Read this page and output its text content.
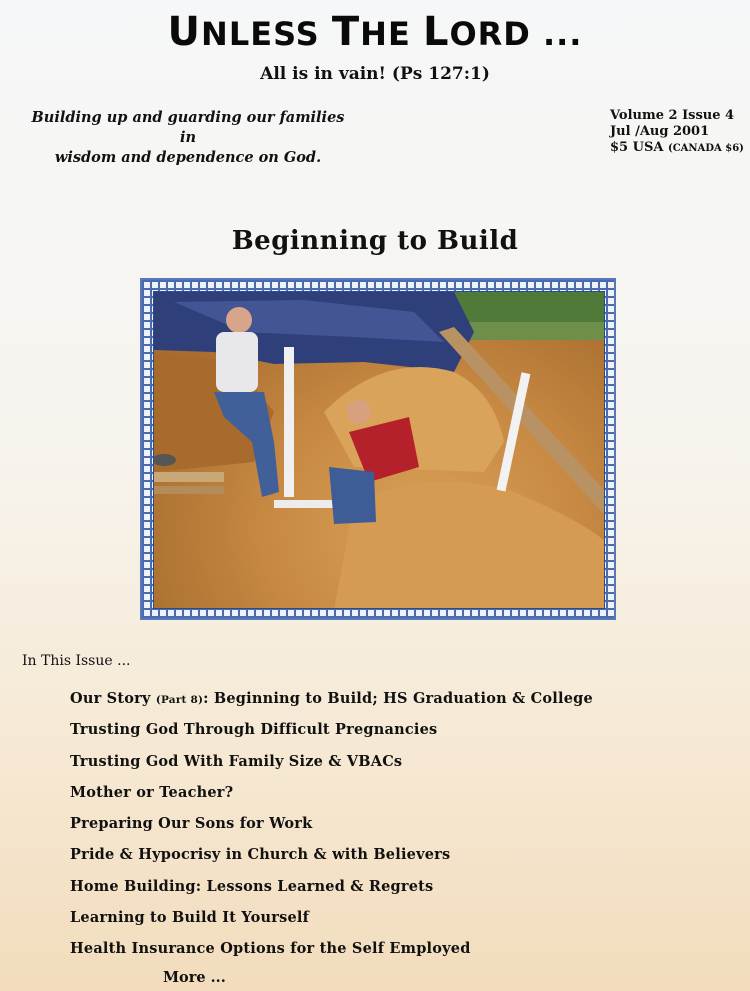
UNLESS THE LORD ...
All is in vain! (Ps 127:1)
Building up and guarding our families in
wisdom and dependence on God.
Volume 2 Issue 4
Jul /Aug 2001
$5 USA (CANADA $6)
Beginning to Build
In This Issue ...
Our Story (Part 8): Beginning to Build; HS Graduation & College
Trusting God Through Difficult Pregnancies
Trusting God With Family Size & VBACs
Mother or Teacher?
Preparing Our Sons for Work
Pride & Hypocrisy in Church & with Believers
Home Building: Lessons Learned & Regrets
Learning to Build It Yourself
Health Insurance Options for the Self Employed
More ...
